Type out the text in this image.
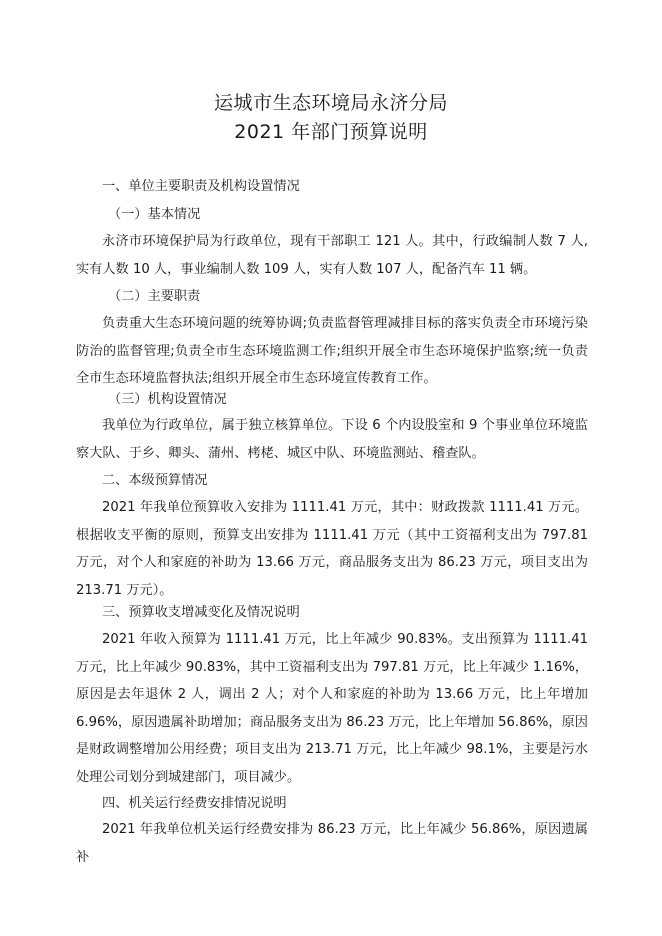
运城市生态环境局永济分局
2021 年部门预算说明
一、单位主要职责及机构设置情况
（一）基本情况
永济市环境保护局为行政单位，现有干部职工 121 人。其中，行政编制人数 7 人,实有人数 10 人，事业编制人数 109 人，实有人数 107 人，配备汽车 11 辆。
（二）主要职责
负责重大生态环境问题的统筹协调;负责监督管理减排目标的落实负责全市环境污染防治的监督管理;负责全市生态环境监测工作;组织开展全市生态环境保护监察;统一负责全市生态环境监督执法;组织开展全市生态环境宣传教育工作。
（三）机构设置情况
我单位为行政单位，属于独立核算单位。下设 6 个内设股室和 9 个事业单位环境监察大队、于乡、卿头、蒲州、栲栳、城区中队、环境监测站、稽查队。
二、本级预算情况
2021 年我单位预算收入安排为 1111.41 万元，其中：财政拨款 1111.41 万元。根据收支平衡的原则，预算支出安排为 1111.41 万元（其中工资福利支出为 797.81 万元，对个人和家庭的补助为 13.66 万元，商品服务支出为 86.23 万元，项目支出为 213.71 万元）。
三、预算收支增减变化及情况说明
2021 年收入预算为 1111.41 万元，比上年减少 90.83%。支出预算为 1111.41 万元，比上年减少 90.83%，其中工资福利支出为 797.81 万元，比上年减少 1.16%，原因是去年退休 2 人，调出 2 人；对个人和家庭的补助为 13.66 万元，比上年增加 6.96%，原因遗属补助增加；商品服务支出为 86.23 万元，比上年增加 56.86%，原因是财政调整增加公用经费；项目支出为 213.71 万元，比上年减少 98.1%，主要是污水处理公司划分到城建部门，项目减少。
四、机关运行经费安排情况说明
2021 年我单位机关运行经费安排为 86.23 万元，比上年减少 56.86%，原因遗属补
